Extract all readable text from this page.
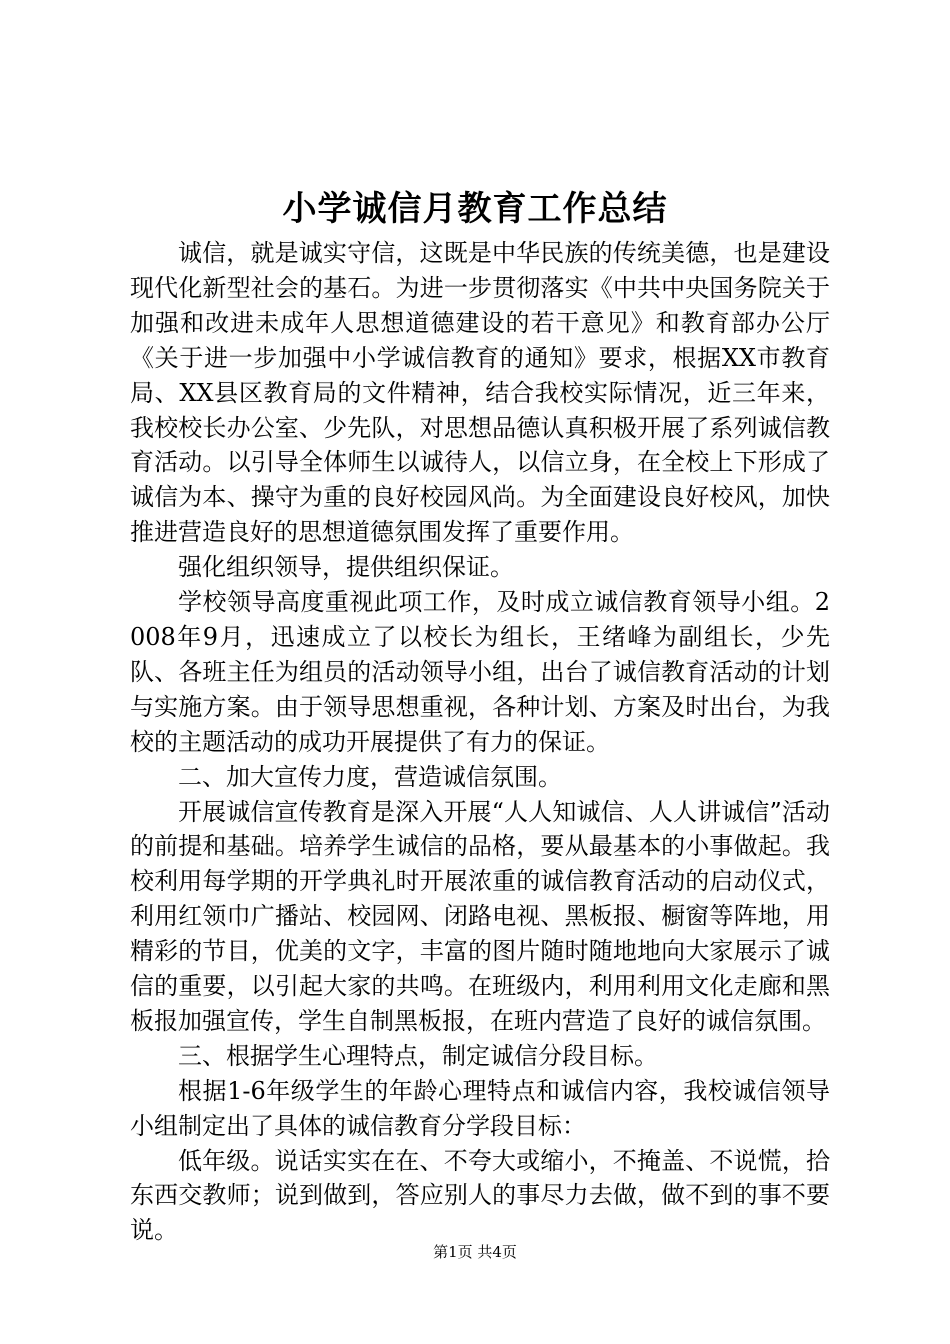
小学诚信月教育工作总结

诚信，就是诚实守信，这既是中华民族的传统美德，也是建设现代化新型社会的基石。为进一步贯彻落实《中共中央国务院关于加强和改进未成年人思想道德建设的若干意见》和教育部办公厅《关于进一步加强中小学诚信教育的通知》要求，根据XX市教育局、XX县区教育局的文件精神，结合我校实际情况，近三年来，我校校长办公室、少先队，对思想品德认真积极开展了系列诚信教育活动。以引导全体师生以诚待人，以信立身，在全校上下形成了诚信为本、操守为重的良好校园风尚。为全面建设良好校风，加快推进营造良好的思想道德氛围发挥了重要作用。

强化组织领导，提供组织保证。

学校领导高度重视此项工作，及时成立诚信教育领导小组。2008年9月，迅速成立了以校长为组长，王绪峰为副组长，少先队、各班主任为组员的活动领导小组，出台了诚信教育活动的计划与实施方案。由于领导思想重视，各种计划、方案及时出台，为我校的主题活动的成功开展提供了有力的保证。

二、加大宣传力度，营造诚信氛围。

开展诚信宣传教育是深入开展“人人知诚信、人人讲诚信”活动的前提和基础。培养学生诚信的品格，要从最基本的小事做起。我校利用每学期的开学典礼时开展浓重的诚信教育活动的启动仪式，利用红领巾广播站、校园网、闭路电视、黑板报、橱窗等阵地，用精彩的节目，优美的文字，丰富的图片随时随地地向大家展示了诚信的重要，以引起大家的共鸣。在班级内，利用利用文化走廊和黑板报加强宣传，学生自制黑板报，在班内营造了良好的诚信氛围。

三、根据学生心理特点，制定诚信分段目标。

根据1-6年级学生的年龄心理特点和诚信内容，我校诚信领导小组制定出了具体的诚信教育分学段目标：

低年级。说话实实在在、不夸大或缩小，不掩盖、不说慌，拾东西交教师；说到做到，答应别人的事尽力去做，做不到的事不要说。

第1页 共4页
